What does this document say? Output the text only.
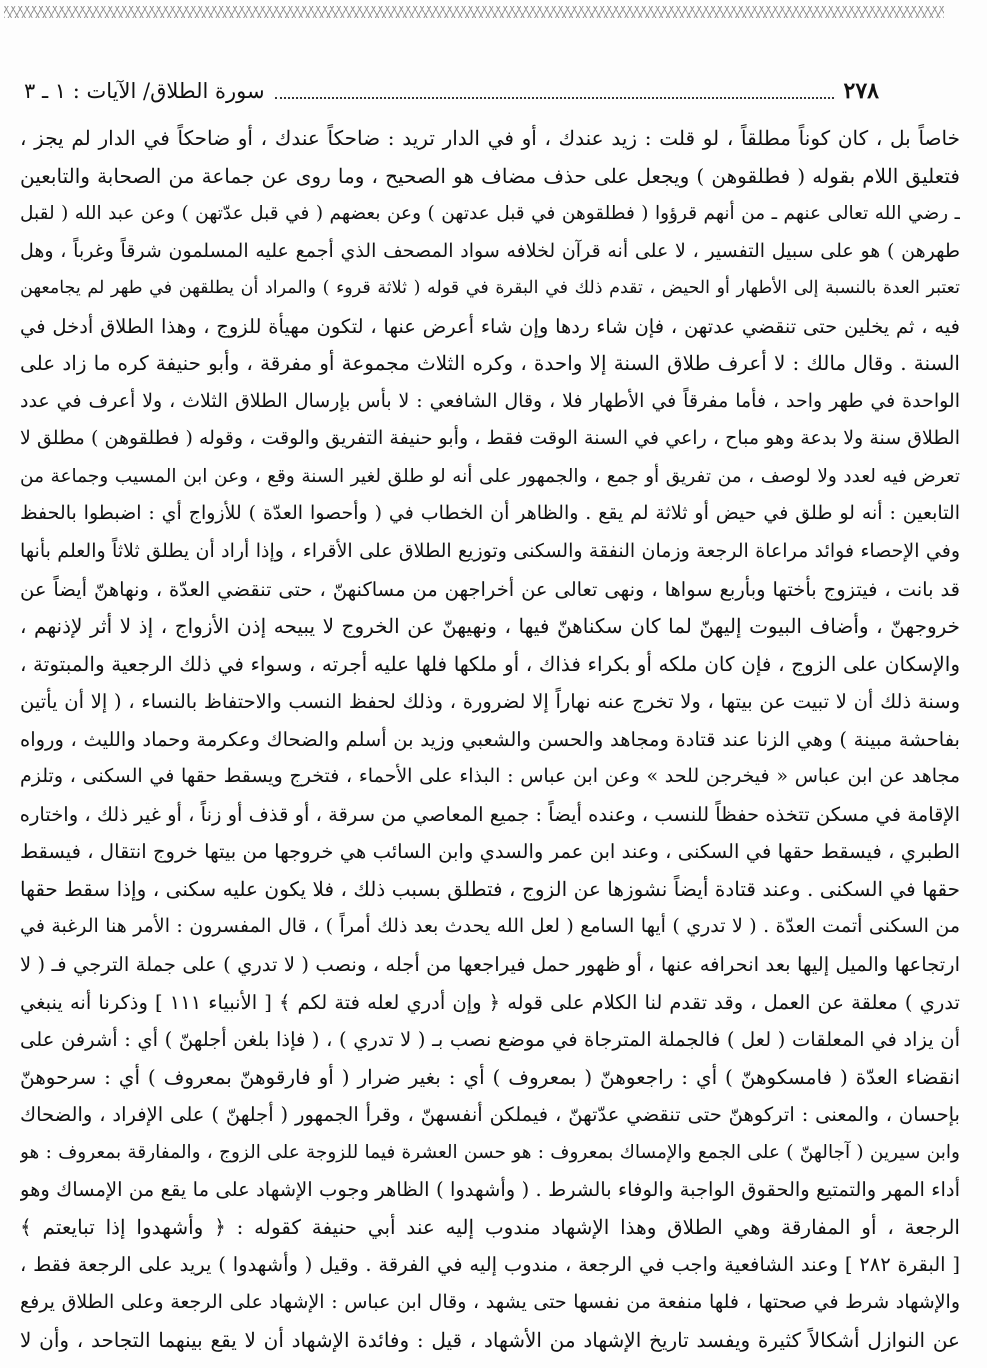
٢٧٨
سورة الطلاق/ الآيات : ١ ـ ٣
خاصاً بل ، كان كوناً مطلقاً ، لو قلت : زيد عندك ، أو في الدار تريد : ضاحكاً عندك ، أو ضاحكاً في الدار لم يجز ،
فتعليق اللام بقوله ( فطلقوهن ) ويجعل على حذف مضاف هو الصحيح ، وما روى عن جماعة من الصحابة والتابعين
ـ رضي الله تعالى عنهم ـ من أنهم قرؤوا ( فطلقوهن في قبل عدتهن ) وعن بعضهم ( في قبل عدّتهن ) وعن عبد الله ( لقبل
طهرهن ) هو على سبيل التفسير ، لا على أنه قرآن لخلافه سواد المصحف الذي أجمع عليه المسلمون شرقاً وغرباً ، وهل
تعتبر العدة بالنسبة إلى الأطهار أو الحيض ، تقدم ذلك في البقرة في قوله ( ثلاثة قروء ) والمراد أن يطلقهن في طهر لم يجامعهن
فيه ، ثم يخلين حتى تنقضي عدتهن ، فإن شاء ردها وإن شاء أعرض عنها ، لتكون مهيأة للزوج ، وهذا الطلاق أدخل في
السنة . وقال مالك : لا أعرف طلاق السنة إلا واحدة ، وكره الثلاث مجموعة أو مفرقة ، وأبو حنيفة كره ما زاد على
الواحدة في طهر واحد ، فأما مفرقاً في الأطهار فلا ، وقال الشافعي : لا بأس بإرسال الطلاق الثلاث ، ولا أعرف في عدد
الطلاق سنة ولا بدعة وهو مباح ، راعي في السنة الوقت فقط ، وأبو حنيفة التفريق والوقت ، وقوله ( فطلقوهن ) مطلق لا
تعرض فيه لعدد ولا لوصف ، من تفريق أو جمع ، والجمهور على أنه لو طلق لغير السنة وقع ، وعن ابن المسيب وجماعة من
التابعين : أنه لو طلق في حيض أو ثلاثة لم يقع . والظاهر أن الخطاب في ( وأحصوا العدّة ) للأزواج أي : اضبطوا بالحفظ
وفي الإحصاء فوائد مراعاة الرجعة وزمان النفقة والسكنى وتوزيع الطلاق على الأقراء ، وإذا أراد أن يطلق ثلاثاً والعلم بأنها
قد بانت ، فيتزوج بأختها وبأربع سواها ، ونهى تعالى عن أخراجهن من مساكنهنّ ، حتى تنقضي العدّة ، ونهاهنّ أيضاً عن
خروجهنّ ، وأضاف البيوت إليهنّ لما كان سكناهنّ فيها ، ونهيهنّ عن الخروج لا يبيحه إذن الأزواج ، إذ لا أثر لإذنهم ،
والإسكان على الزوج ، فإن كان ملكه أو بكراء فذاك ، أو ملكها فلها عليه أجرته ، وسواء في ذلك الرجعية والمبتوتة ،
وسنة ذلك أن لا تبيت عن بيتها ، ولا تخرج عنه نهاراً إلا لضرورة ، وذلك لحفظ النسب والاحتفاظ بالنساء ، ( إلا أن يأتين
بفاحشة مبينة ) وهي الزنا عند قتادة ومجاهد والحسن والشعبي وزيد بن أسلم والضحاك وعكرمة وحماد والليث ، ورواه
مجاهد عن ابن عباس « فيخرجن للحد » وعن ابن عباس : البذاء على الأحماء ، فتخرج ويسقط حقها في السكنى ، وتلزم
الإقامة في مسكن تتخذه حفظاً للنسب ، وعنده أيضاً : جميع المعاصي من سرقة ، أو قذف أو زناً ، أو غير ذلك ، واختاره
الطبري ، فيسقط حقها في السكنى ، وعند ابن عمر والسدي وابن السائب هي خروجها من بيتها خروج انتقال ، فيسقط
حقها في السكنى . وعند قتادة أيضاً نشوزها عن الزوج ، فتطلق بسبب ذلك ، فلا يكون عليه سكنى ، وإذا سقط حقها
من السكنى أتمت العدّة . ( لا تدري ) أيها السامع ( لعل الله يحدث بعد ذلك أمراً ) ، قال المفسرون : الأمر هنا الرغبة في
ارتجاعها والميل إليها بعد انحرافه عنها ، أو ظهور حمل فيراجعها من أجله ، ونصب ( لا تدري ) على جملة الترجي فـ ( لا
تدري ) معلقة عن العمل ، وقد تقدم لنا الكلام على قوله ﴿ وإن أدري لعله فتة لكم ﴾ [ الأنبياء ١١١ ] وذكرنا أنه ينبغي
أن يزاد في المعلقات ( لعل ) فالجملة المترجاة في موضع نصب بـ ( لا تدري ) ، ( فإذا بلغن أجلهنّ ) أي : أشرفن على
انقضاء العدّة ( فامسكوهنّ ) أي : راجعوهنّ ( بمعروف ) أي : بغير ضرار ( أو فارقوهنّ بمعروف ) أي : سرحوهنّ
بإحسان ، والمعنى : اتركوهنّ حتى تنقضي عدّتهنّ ، فيملكن أنفسهنّ ، وقرأ الجمهور ( أجلهنّ ) على الإفراد ، والضحاك
وابن سيرين ( آجالهنّ ) على الجمع والإمساك بمعروف : هو حسن العشرة فيما للزوجة على الزوج ، والمفارقة بمعروف : هو
أداء المهر والتمتيع والحقوق الواجبة والوفاء بالشرط . ( وأشهدوا ) الظاهر وجوب الإشهاد على ما يقع من الإمساك وهو
الرجعة ، أو المفارقة وهي الطلاق وهذا الإشهاد مندوب إليه عند أبي حنيفة كقوله : ﴿ وأشهدوا إذا تبايعتم ﴾
[ البقرة ٢٨٢ ] وعند الشافعية واجب في الرجعة ، مندوب إليه في الفرقة . وقيل ( وأشهدوا ) يريد على الرجعة فقط ،
والإشهاد شرط في صحتها ، فلها منفعة من نفسها حتى يشهد ، وقال ابن عباس : الإشهاد على الرجعة وعلى الطلاق يرفع
عن النوازل أشكالاً كثيرة ويفسد تاريخ الإشهاد من الأشهاد ، قيل : وفائدة الإشهاد أن لا يقع بينهما التجاحد ، وأن لا
